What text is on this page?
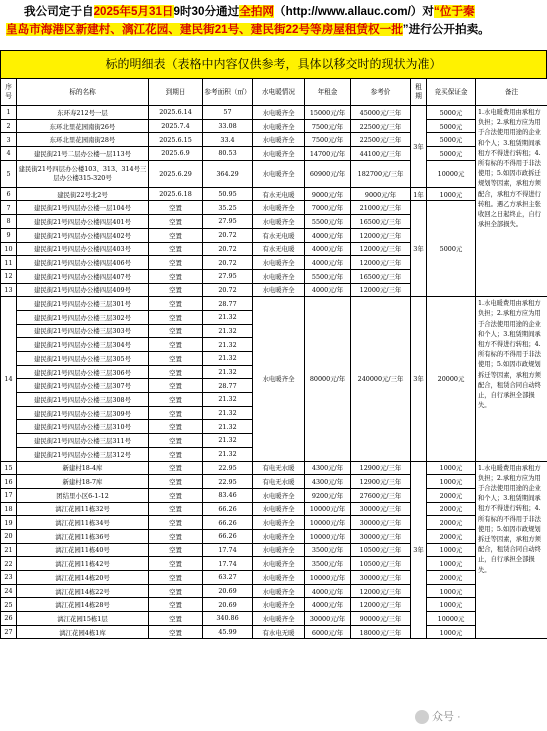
我公司定于自2025年5月31日9时30分通过全拍网（http://www.allauc.com/）对“位于秦
皇岛市海港区新建村、漓江花园、建民街21号、建民街22号等房屋租赁权一批”进行公开拍卖。
标的明细表（表格中内容仅供参考，具体以移交时的现状为准）
序号	标的名称	到期日	参考面积（㎡）	水电暖情况	年租金	参考价	租期	竞买保证金	备注
1	东环寿212号一层	2025.6.14	57	水电暖齐全	15000元/年	45000元/三年	3年	5000元	1.水电暖费用由承租方负担；2.承租方应为用于合法使用用途的企业和个人；3.租赁期间承租方不得进行转租；4.所有标的不得用于非法使用；5.如因市政拆迁规划等因素，承租方须配合，承租方不得进行转租。遇乙方承担主张收回之日起终止，自行承担全部损失。
2	东环北里花园南街26号	2025.7.4	33.08	水电暖齐全	7500元/年	22500元/三年		5000元	
3	东环北里花园南街28号	2025.6.15	33.4	水电暖齐全	7500元/年	22500元/三年		5000元	
4	建民街21号二层办公楼一层113号	2025.6.9	80.53	水电暖齐全	14700元/年	44100元/三年		5000元	
5	建民街21号四层办公楼103、313、314号三层办公楼315-320号	2025.6.29	364.29	水电暖齐全	60900元/年	182700元/三年		10000元	
6	建民街22号北2号	2025.6.18	50.95	有水无电暖	9000元/年	9000元/年	1年	1000元	
7	建民街21号四层办公楼一层104号	空置	35.25	水电暖齐全	7000元/年	21000元/三年	3年	5000元	
8	建民街21号四层办公楼四层401号	空置	27.95	水电暖齐全	5500元/年	16500元/三年			
9	建民街21号四层办公楼四层402号	空置	20.72	有水无电暖	4000元/年	12000元/三年			
10	建民街21号四层办公楼四层403号	空置	20.72	有水无电暖	4000元/年	12000元/三年			
11	建民街21号四层办公楼四层406号	空置	20.72	水电暖齐全	4000元/年	12000元/三年			
12	建民街21号四层办公楼四层407号	空置	27.95	水电暖齐全	5500元/年	16500元/三年			
13	建民街21号四层办公楼四层409号	空置	20.72	水电暖齐全	4000元/年	12000元/三年			
14	建民街21号四层办公楼三层301号	空置	28.77	水电暖齐全	80000元/年	240000元/三年	3年	20000元	1.水电暖费用由承租方负担；2.承租方应为用于合法使用用途的企业和个人；3.租赁期间承租方不得进行转租；4.所有标的不得用于非法使用；5.如因市政规划拆迁等因素，承租方须配合，租赁合同自动终止，自行承担全部损失。
	建民街21号四层办公楼三层302号	空置	21.32						
	建民街21号四层办公楼三层303号	空置	21.32						
	建民街21号四层办公楼三层304号	空置	21.32						
	建民街21号四层办公楼三层305号	空置	21.32						
	建民街21号四层办公楼三层306号	空置	21.32						
	建民街21号四层办公楼三层307号	空置	28.77						
	建民街21号四层办公楼三层308号	空置	21.32						
	建民街21号四层办公楼三层309号	空置	21.32						
	建民街21号四层办公楼三层310号	空置	21.32						
	建民街21号四层办公楼三层311号	空置	21.32						
	建民街21号四层办公楼三层312号	空置	21.32						
15	新建村18-4库	空置	22.95	有电无水暖	4300元/年	12900元/三年	3年	1000元	1.水电暖费用由承租方负担；2.承租方应为用于合法使用用途的企业和个人；3.租赁期间承租方不得进行转租；4.所有标的不得用于非法使用；5.如因市政规划拆迁等因素，承租方须配合，租赁合同自动终止，自行承担全部损失。
16	新建村18-7库	空置	22.95	有电无水暖	4300元/年	12900元/三年		1000元	
17	团结里小区6-1-12	空置	83.46	水电暖齐全	9200元/年	27600元/三年		2000元	
18	漓江花园11栋32号	空置	66.26	水电暖齐全	10000元/年	30000元/三年		2000元	
19	漓江花园11栋34号	空置	66.26	水电暖齐全	10000元/年	30000元/三年		2000元	
20	漓江花园11栋36号	空置	66.26	水电暖齐全	10000元/年	30000元/三年		2000元	
21	漓江花园11栋40号	空置	17.74	水电暖齐全	3500元/年	10500元/三年		1000元	
22	漓江花园11栋42号	空置	17.74	水电暖齐全	3500元/年	10500元/三年		1000元	
23	漓江花园14栋20号	空置	63.27	水电暖齐全	10000元/年	30000元/三年		2000元	
24	漓江花园14栋22号	空置	20.69	水电暖齐全	4000元/年	12000元/三年		1000元	
25	漓江花园14栋28号	空置	20.69	水电暖齐全	4000元/年	12000元/三年		1000元	
26	漓江花园15栋1层	空置	340.86	水电暖齐全	30000元/年	90000元/三年		10000元	
27	漓江花园4栋1库	空置	45.99	有水电无暖	6000元/年	18000元/三年		1000元	
众号 ·
